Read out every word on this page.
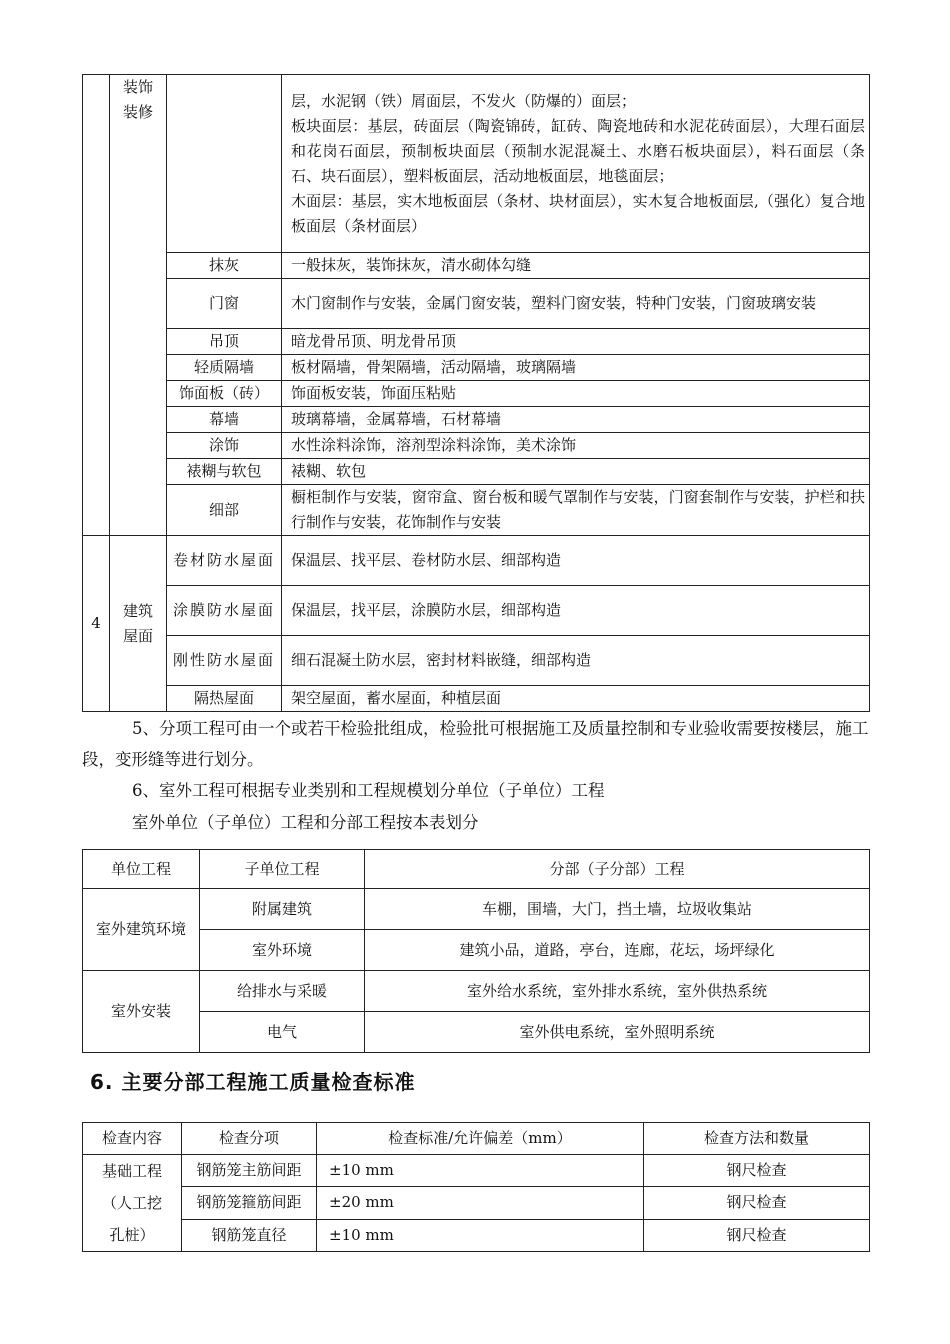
	装饰装修		层，水泥钢（铁）屑面层，不发火（防爆的）面层；
板块面层：基层，砖面层（陶瓷锦砖，缸砖、陶瓷地砖和水泥花砖面层），大理石面层和花岗石面层，预制板块面层（预制水泥混凝土、水磨石板块面层），料石面层（条石、块石面层），塑料板面层，活动地板面层，地毯面层；
木面层：基层，实木地板面层（条材、块材面层），实木复合地板面层,（强化）复合地板面层（条材面层）
		抹灰	一般抹灰，装饰抹灰，清水砌体勾缝
		门窗	木门窗制作与安装，金属门窗安装，塑料门窗安装，特种门安装，门窗玻璃安装
		吊顶	暗龙骨吊顶、明龙骨吊顶
		轻质隔墙	板材隔墙，骨架隔墙，活动隔墙，玻璃隔墙
		饰面板（砖）	饰面板安装，饰面压粘贴
		幕墙	玻璃幕墙，金属幕墙，石材幕墙
		涂饰	水性涂料涂饰，溶剂型涂料涂饰，美术涂饰
		裱糊与软包	裱糊、软包
		细部	橱柜制作与安装，窗帘盒、窗台板和暖气罩制作与安装，门窗套制作与安装，护栏和扶行制作与安装，花饰制作与安装
4	建筑屋面	卷材防水屋面	保温层、找平层、卷材防水层、细部构造
		涂膜防水屋面	保温层，找平层，涂膜防水层，细部构造
		刚性防水屋面	细石混凝土防水层，密封材料嵌缝，细部构造
		隔热屋面	架空屋面，蓄水屋面，种植层面

5、分项工程可由一个或若干检验批组成，检验批可根据施工及质量控制和专业验收需要按楼层，施工段，变形缝等进行划分。

6、室外工程可根据专业类别和工程规模划分单位（子单位）工程

室外单位（子单位）工程和分部工程按本表划分

单位工程	子单位工程	分部（子分部）工程
室外建筑环境	附属建筑	车棚，围墙，大门，挡土墙，垃圾收集站
	室外环境	建筑小品，道路，亭台，连廊，花坛，场坪绿化
室外安装	给排水与采暖	室外给水系统，室外排水系统，室外供热系统
	电气	室外供电系统，室外照明系统
6. 主要分部工程施工质量检查标准
检查内容	检查分项	检查标准/允许偏差（mm）	检查方法和数量

基础工程
（人工挖
孔桩）	钢筋笼主筋间距	±10 mm	钢尺检查
	钢筋笼箍筋间距	±20 mm	钢尺检查
	钢筋笼直径	±10 mm	钢尺检查
